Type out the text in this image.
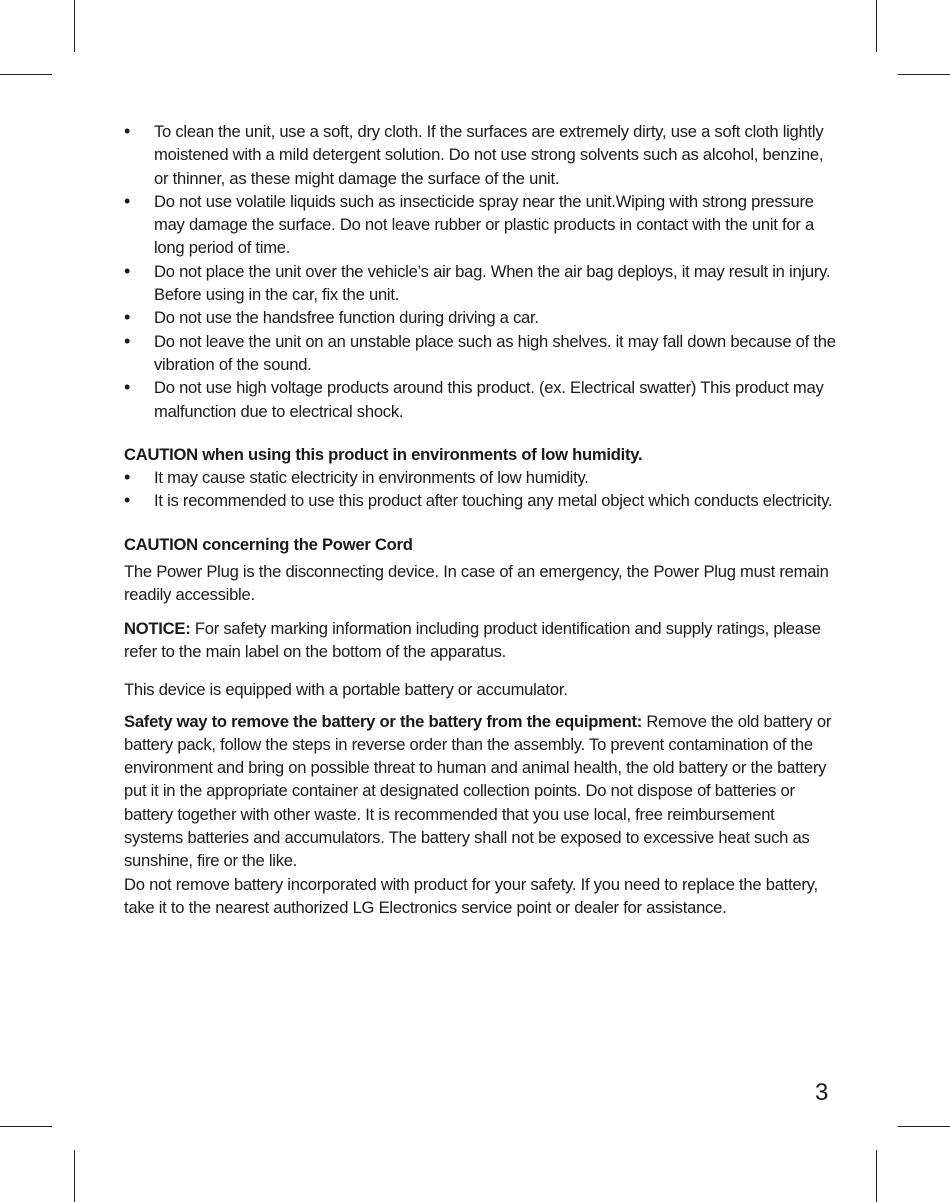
• To clean the unit, use a soft, dry cloth. If the surfaces are extremely dirty, use a soft cloth lightly moistened with a mild detergent solution. Do not use strong solvents such as alcohol, benzine, or thinner, as these might damage the surface of the unit.
• Do not use volatile liquids such as insecticide spray near the unit.Wiping with strong pressure may damage the surface. Do not leave rubber or plastic products in contact with the unit for a long period of time.
• Do not place the unit over the vehicle’s air bag. When the air bag deploys, it may result in injury. Before using in the car, fix the unit.
• Do not use the handsfree function during driving a car.
• Do not leave the unit on an unstable place such as high shelves. it may fall down because of the vibration of the sound.
• Do not use high voltage products around this product. (ex. Electrical swatter) This product may malfunction due to electrical shock.

CAUTION when using this product in environments of low humidity.

• It may cause static electricity in environments of low humidity.
• It is recommended to use this product after touching any metal object which conducts electricity.

CAUTION concerning the Power Cord

The Power Plug is the disconnecting device. In case of an emergency, the Power Plug must remain readily accessible.

NOTICE: For safety marking information including product identification and supply ratings, please refer to the main label on the bottom of the apparatus.

This device is equipped with a portable battery or accumulator.

Safety way to remove the battery or the battery from the equipment: Remove the old battery or battery pack, follow the steps in reverse order than the assembly. To prevent contamination of the environment and bring on possible threat to human and animal health, the old battery or the battery put it in the appropriate container at designated collection points. Do not dispose of batteries or battery together with other waste. It is recommended that you use local, free reimbursement systems batteries and accumulators. The battery shall not be exposed to excessive heat such as sunshine, fire or the like.

Do not remove battery incorporated with product for your safety. If you need to replace the battery, take it to the nearest authorized LG Electronics service point or dealer for assistance.

3
